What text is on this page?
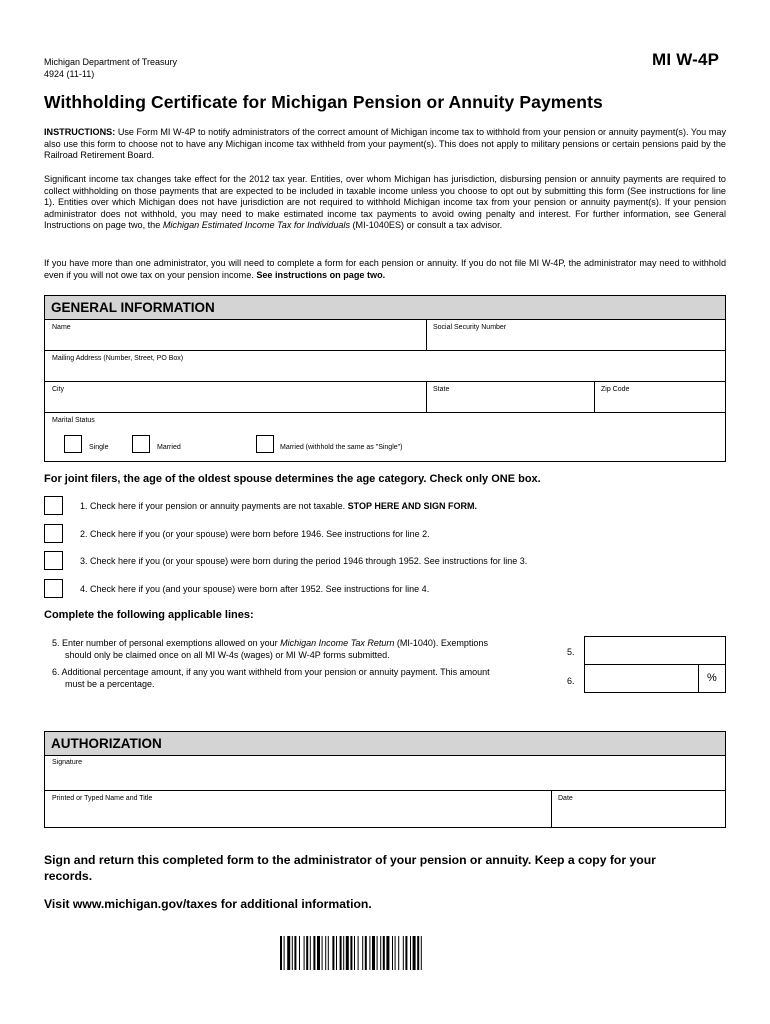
Michigan Department of Treasury
4924 (11-11)
MI W-4P
Withholding Certificate for Michigan Pension or Annuity Payments
INSTRUCTIONS: Use Form MI W-4P to notify administrators of the correct amount of Michigan income tax to withhold from your pension or annuity payment(s). You may also use this form to choose not to have any Michigan income tax withheld from your payment(s). This does not apply to military pensions or certain pensions paid by the Railroad Retirement Board.
Significant income tax changes take effect for the 2012 tax year. Entities, over whom Michigan has jurisdiction, disbursing pension or annuity payments are required to collect withholding on those payments that are expected to be included in taxable income unless you choose to opt out by submitting this form (See instructions for line 1). Entities over which Michigan does not have jurisdiction are not required to withhold Michigan income tax from your pension or annuity payment(s). If your pension administrator does not withhold, you may need to make estimated income tax payments to avoid owing penalty and interest. For further information, see General Instructions on page two, the Michigan Estimated Income Tax for Individuals (MI-1040ES) or consult a tax advisor.
If you have more than one administrator, you will need to complete a form for each pension or annuity. If you do not file MI W-4P, the administrator may need to withhold even if you will not owe tax on your pension income. See instructions on page two.
GENERAL INFORMATION
Name	Social Security Number
Mailing Address (Number, Street, PO Box)
City	State	Zip Code
Marital Status
Single	Married	Married (withhold the same as "Single")
For joint filers, the age of the oldest spouse determines the age category. Check only ONE box.
1. Check here if your pension or annuity payments are not taxable. STOP HERE AND SIGN FORM.
2. Check here if you (or your spouse) were born before 1946. See instructions for line 2.
3. Check here if you (or your spouse) were born during the period 1946 through 1952. See instructions for line 3.
4. Check here if you (and your spouse) were born after 1952. See instructions for line 4.
Complete the following applicable lines:
5. Enter number of personal exemptions allowed on your Michigan Income Tax Return (MI-1040). Exemptions
should only be claimed once on all MI W-4s (wages) or MI W-4P forms submitted.
6. Additional percentage amount, if any you want withheld from your pension or annuity payment. This amount
must be a percentage.
5.
6.	%
AUTHORIZATION
Signature
Printed or Typed Name and Title	Date
Sign and return this completed form to the administrator of your pension or annuity. Keep a copy for your records.
Visit www.michigan.gov/taxes for additional information.
